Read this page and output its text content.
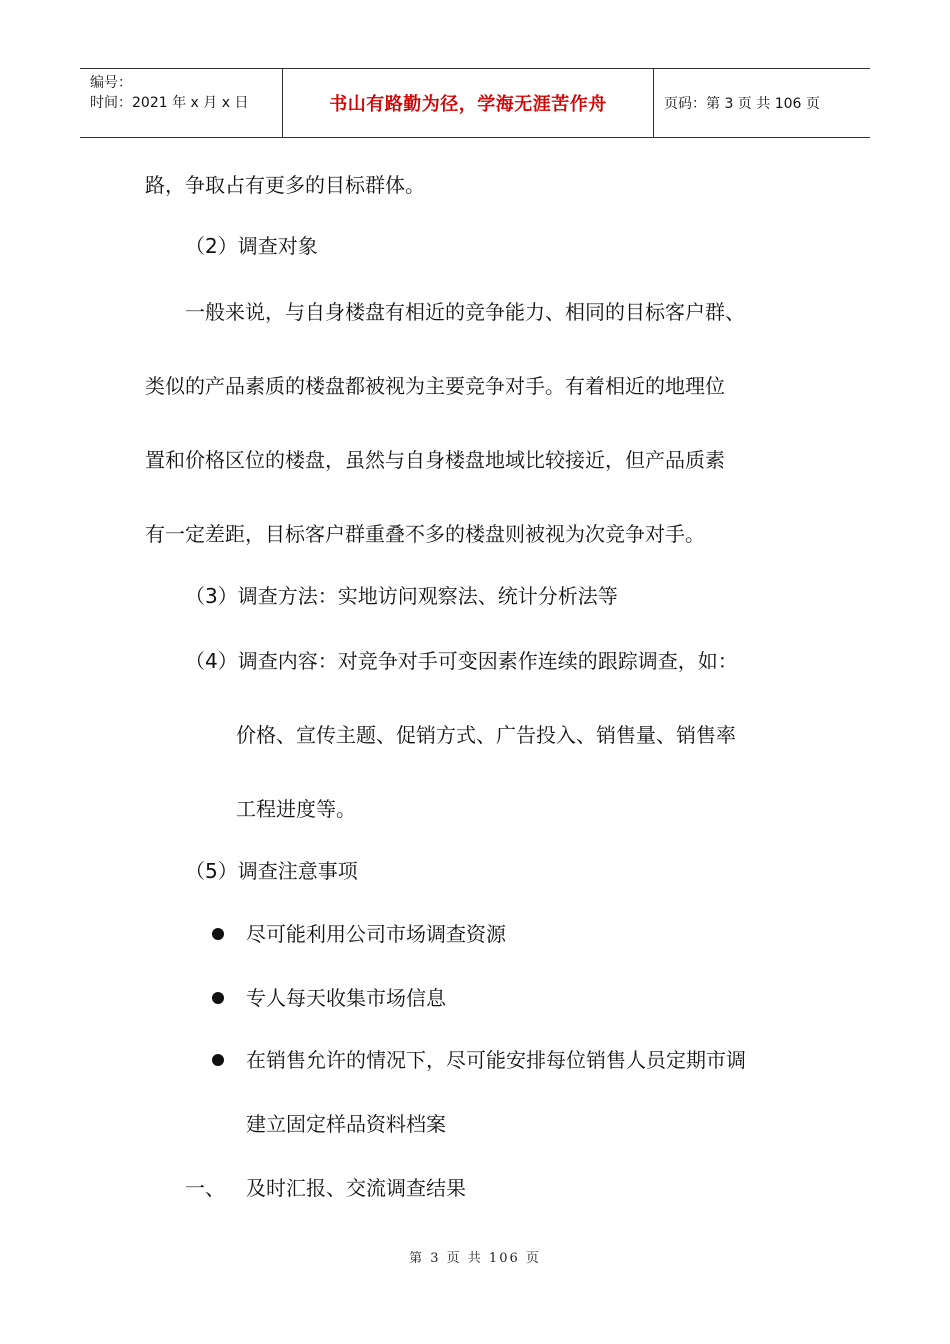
编号：
时间：2021 年 x 月 x 日	书山有路勤为径，学海无涯苦作舟	页码：第 3 页 共 106 页
路，争取占有更多的目标群体。
（2）调查对象
一般来说，与自身楼盘有相近的竞争能力、相同的目标客户群、
类似的产品素质的楼盘都被视为主要竞争对手。有着相近的地理位
置和价格区位的楼盘，虽然与自身楼盘地域比较接近，但产品质素
有一定差距，目标客户群重叠不多的楼盘则被视为次竞争对手。
（3）调查方法：实地访问观察法、统计分析法等
（4）调查内容：对竞争对手可变因素作连续的跟踪调查，如：
价格、宣传主题、促销方式、广告投入、销售量、销售率
工程进度等。
（5）调查注意事项
尽可能利用公司市场调查资源
专人每天收集市场信息
在销售允许的情况下，尽可能安排每位销售人员定期市调
建立固定样品资料档案
一、 及时汇报、交流调查结果
第 3 页 共 106 页
